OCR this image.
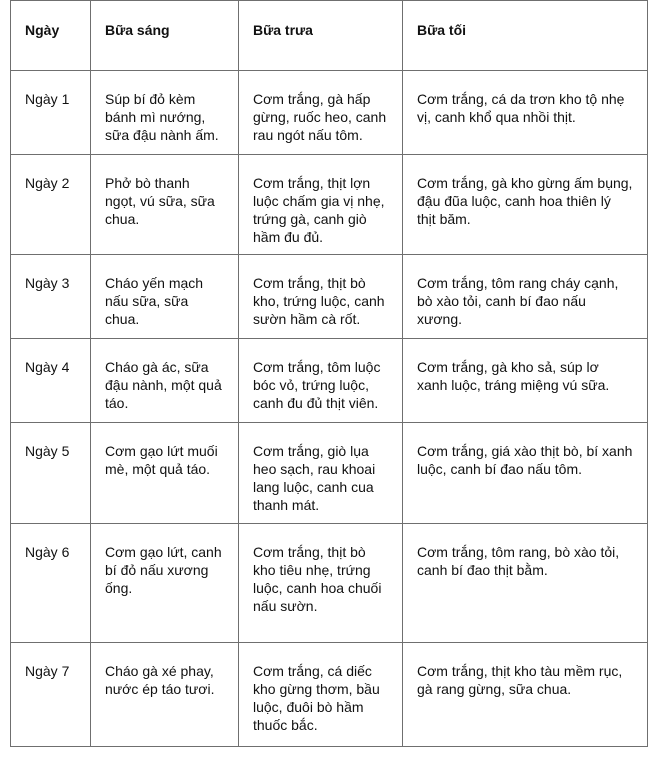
Ngày	Bữa sáng	Bữa trưa	Bữa tối
Ngày 1	Súp bí đỏ kèm bánh mì nướng, sữa đậu nành ấm.	Cơm trắng, gà hấp gừng, ruốc heo, canh rau ngót nấu tôm.	Cơm trắng, cá da trơn kho tộ nhẹ vị, canh khổ qua nhồi thịt.
Ngày 2	Phở bò thanh ngọt, vú sữa, sữa chua.	Cơm trắng, thịt lợn luộc chấm gia vị nhẹ, trứng gà, canh giò hầm đu đủ.	Cơm trắng, gà kho gừng ấm bụng, đậu đũa luộc, canh hoa thiên lý thịt băm.
Ngày 3	Cháo yến mạch nấu sữa, sữa chua.	Cơm trắng, thịt bò kho, trứng luộc, canh sườn hầm cà rốt.	Cơm trắng, tôm rang cháy cạnh, bò xào tỏi, canh bí đao nấu xương.
Ngày 4	Cháo gà ác, sữa đậu nành, một quả táo.	Cơm trắng, tôm luộc bóc vỏ, trứng luộc, canh đu đủ thịt viên.	Cơm trắng, gà kho sả, súp lơ xanh luộc, tráng miệng vú sữa.
Ngày 5	Cơm gạo lứt muối mè, một quả táo.	Cơm trắng, giò lụa heo sạch, rau khoai lang luộc, canh cua thanh mát.	Cơm trắng, giá xào thịt bò, bí xanh luộc, canh bí đao nấu tôm.
Ngày 6	Cơm gạo lứt, canh bí đỏ nấu xương ống.	Cơm trắng, thịt bò kho tiêu nhẹ, trứng luộc, canh hoa chuối nấu sườn.	Cơm trắng, tôm rang, bò xào tỏi, canh bí đao thịt bằm.
Ngày 7	Cháo gà xé phay, nước ép táo tươi.	Cơm trắng, cá diếc kho gừng thơm, bầu luộc, đuôi bò hầm thuốc bắc.	Cơm trắng, thịt kho tàu mềm rục, gà rang gừng, sữa chua.
